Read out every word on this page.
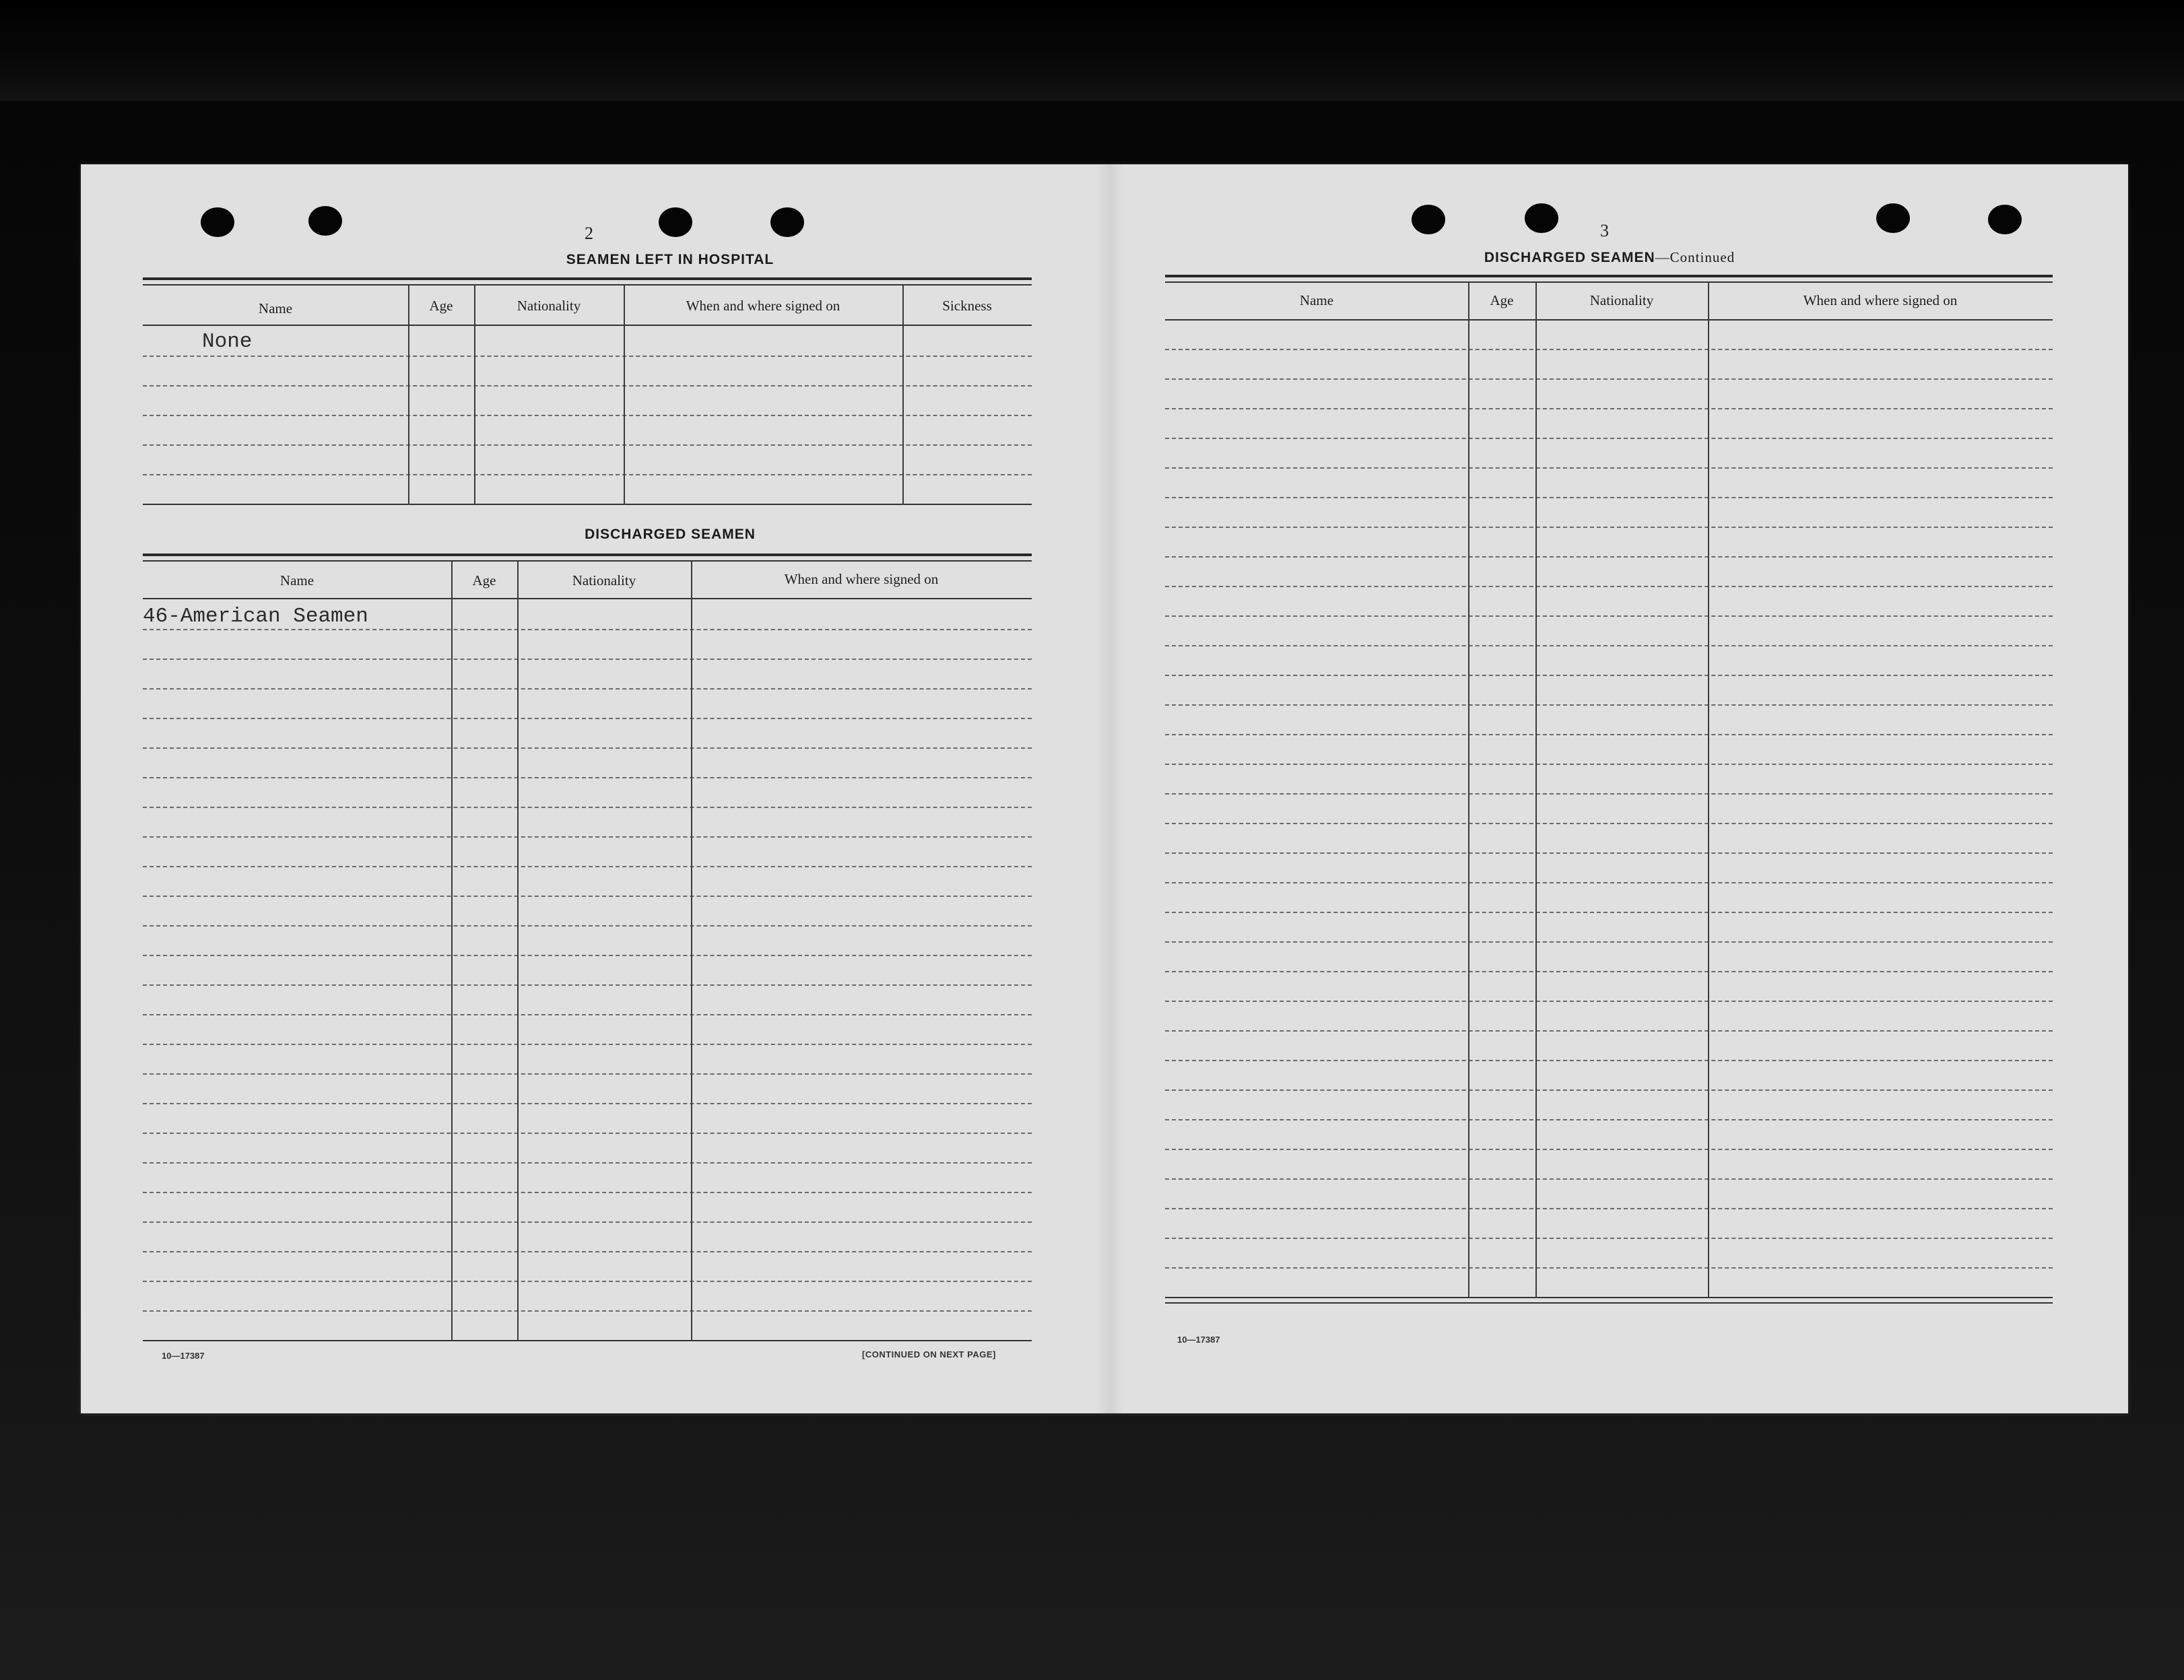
2
SEAMEN LEFT IN HOSPITAL
Name	Age	Nationality	When and where signed on	Sickness
None
DISCHARGED SEAMEN
Name	Age	Nationality	When and where signed on
46-American Seamen
10—17387	[CONTINUED ON NEXT PAGE]
3
DISCHARGED SEAMEN—Continued
Name	Age	Nationality	When and where signed on
10—17387
